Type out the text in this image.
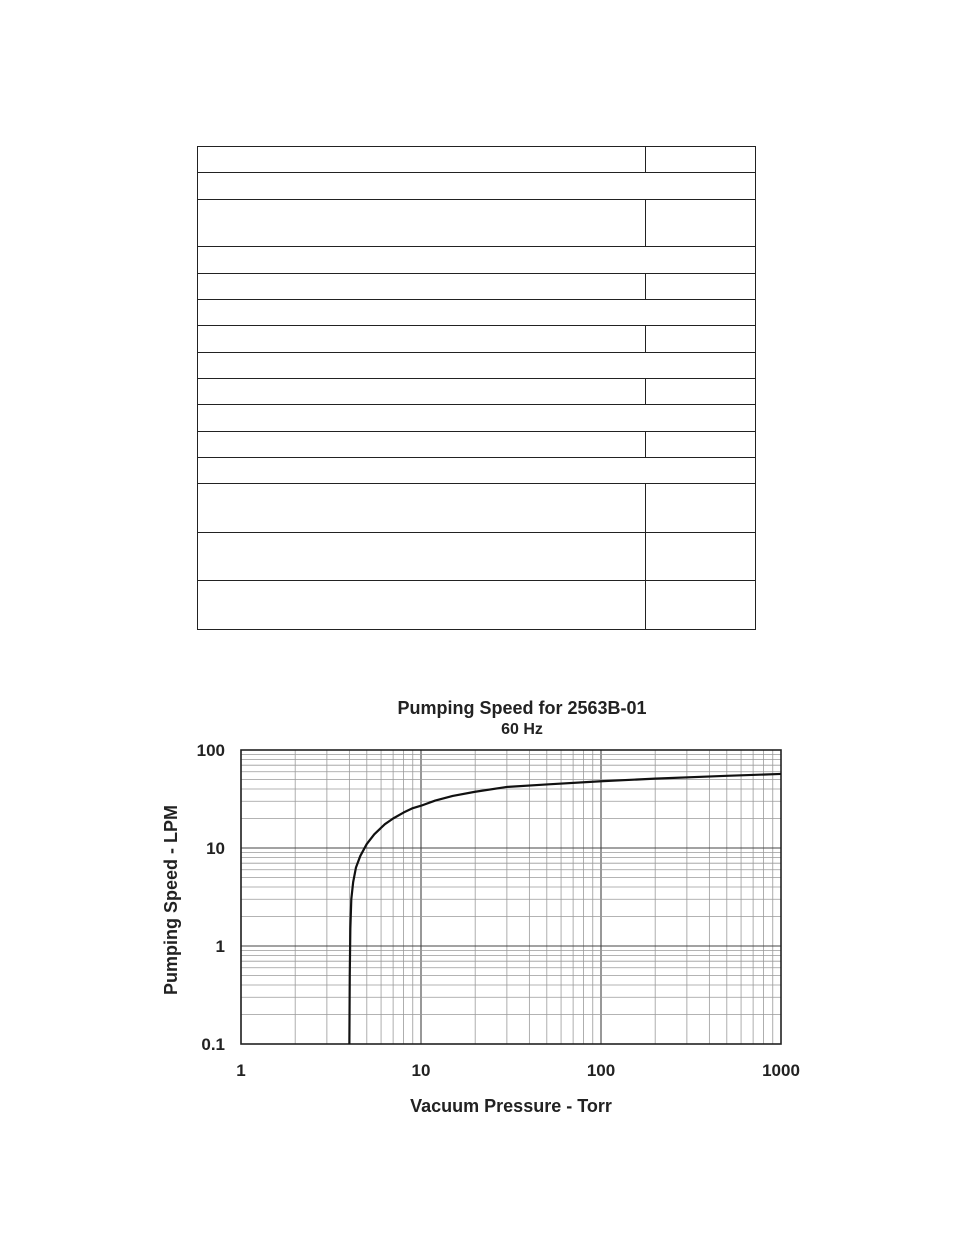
Pumping Speed for 2563B-01
60 Hz
1	10	100	1000
0.1
1
10
100
Vacuum Pressure - Torr
Pumping Speed - LPM
